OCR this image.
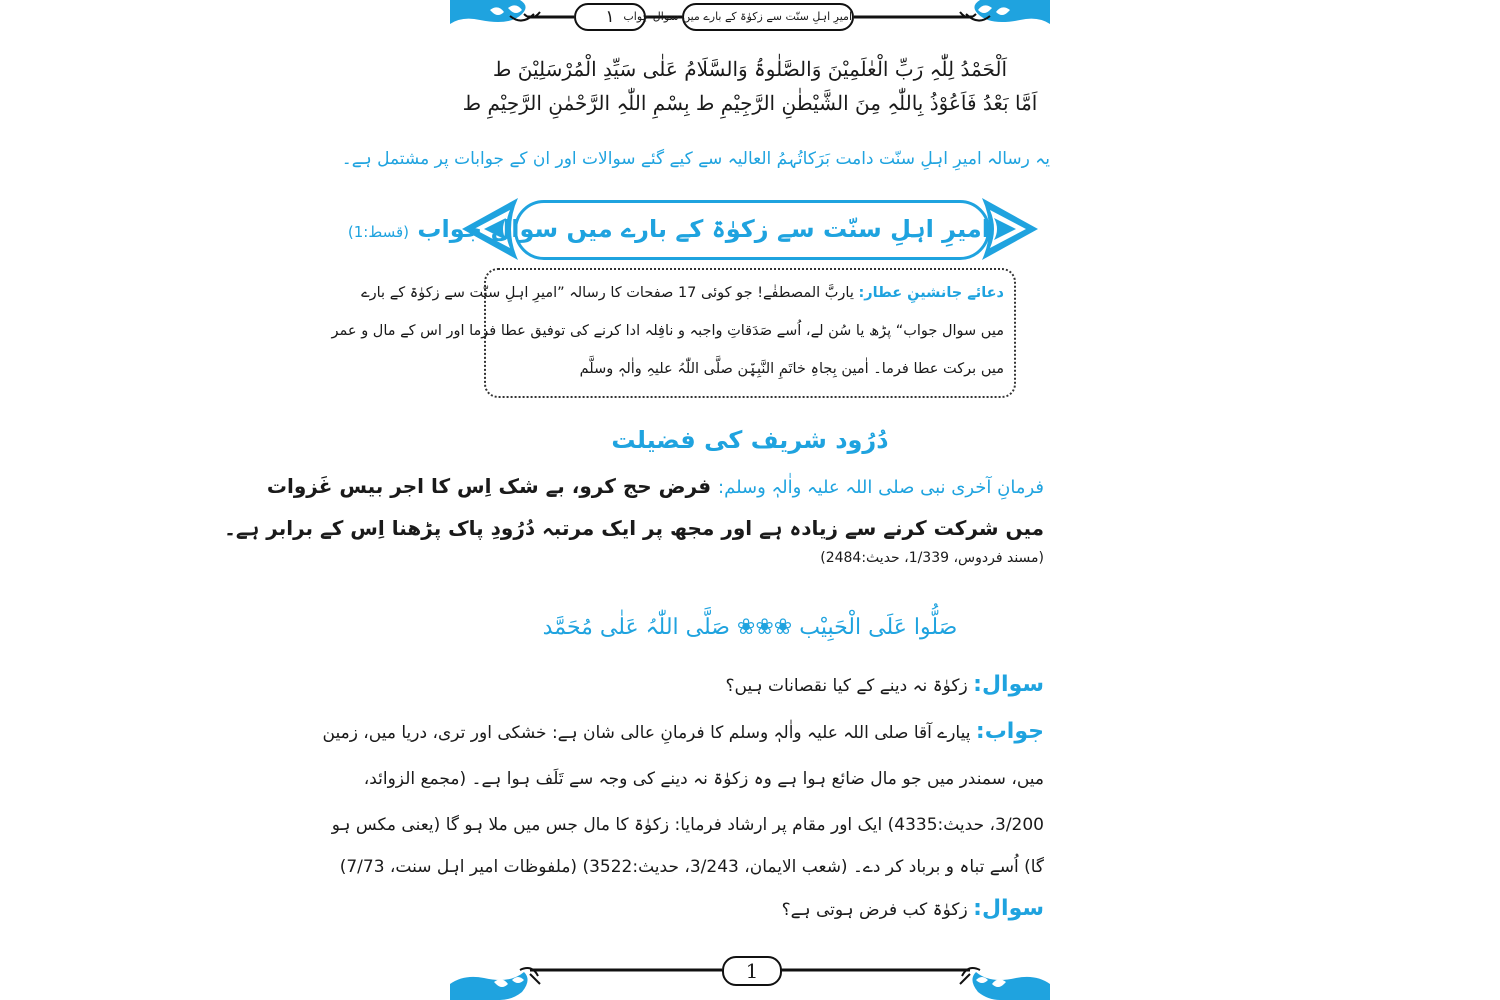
١ امیرِ اہلِ سنّت سے زکوٰۃ کے بارے میں سوال جواب
اَلْحَمْدُ لِلّٰہِ رَبِّ الْعٰلَمِیْنَ وَالصَّلٰوۃُ وَالسَّلَامُ عَلٰی سَیِّدِ الْمُرْسَلِیْنَ ط
اَمَّا بَعْدُ فَاَعُوْذُ بِاللّٰہِ مِنَ الشَّیْطٰنِ الرَّجِیْمِ ط بِسْمِ اللّٰہِ الرَّحْمٰنِ الرَّحِیْمِ ط
یہ رسالہ امیرِ اہلِ سنّت دامت بَرَکاتُہمُ العالیہ سے کیے گئے سوالات اور ان کے جوابات پر مشتمل ہے۔
امیرِ اہلِ سنّت سے زکوٰۃ کے بارے میں سوال جواب (قسط:1)

دعائے جانشینِ عطار: یاربَّ المصطفٰے! جو کوئی 17 صفحات کا رسالہ ”امیرِ اہلِ سنّت سے زکوٰۃ کے بارے

میں سوال جواب“ پڑھ یا سُن لے، اُسے صَدَقاتِ واجبہ و نافِلہ ادا کرنے کی توفیق عطا فرما اور اس کے مال و عمر

میں برکت عطا فرما۔ اٰمین بِجاہِ خاتَمِ النَّبِیّٖن صلَّی اللّٰہُ علیہِ واٰلہٖ وسلَّم

دُرُود شریف کی فضیلت

فرمانِ آخری نبی صلی اللہ علیہ واٰلہٖ وسلم: فرض حج کرو، بے شک اِس کا اجر بیس غَزوات

میں شرکت کرنے سے زیادہ ہے اور مجھ پر ایک مرتبہ دُرُودِ پاک پڑھنا اِس کے برابر ہے۔

(مسند فردوس، 1/339، حدیث:2484)

صَلُّوا عَلَی الْحَبِیْب ❀❀❀ صَلَّی اللّٰہُ عَلٰی مُحَمَّد

سوال: زکوٰۃ نہ دینے کے کیا نقصانات ہیں؟

جواب: پیارے آقا صلی اللہ علیہ واٰلہٖ وسلم کا فرمانِ عالی شان ہے: خشکی اور تری، دریا میں، زمین

میں، سمندر میں جو مال ضائع ہوا ہے وہ زکوٰۃ نہ دینے کی وجہ سے تَلَف ہوا ہے۔ (مجمع الزوائد،

3/200، حدیث:4335) ایک اور مقام پر ارشاد فرمایا: زکوٰۃ کا مال جس میں ملا ہو گا (یعنی مکس ہو

گا) اُسے تباہ و برباد کر دے۔ (شعب الایمان، 3/243، حدیث:3522) (ملفوظات امیر اہل سنت، 7/73)

سوال: زکوٰۃ کب فرض ہوتی ہے؟

1
